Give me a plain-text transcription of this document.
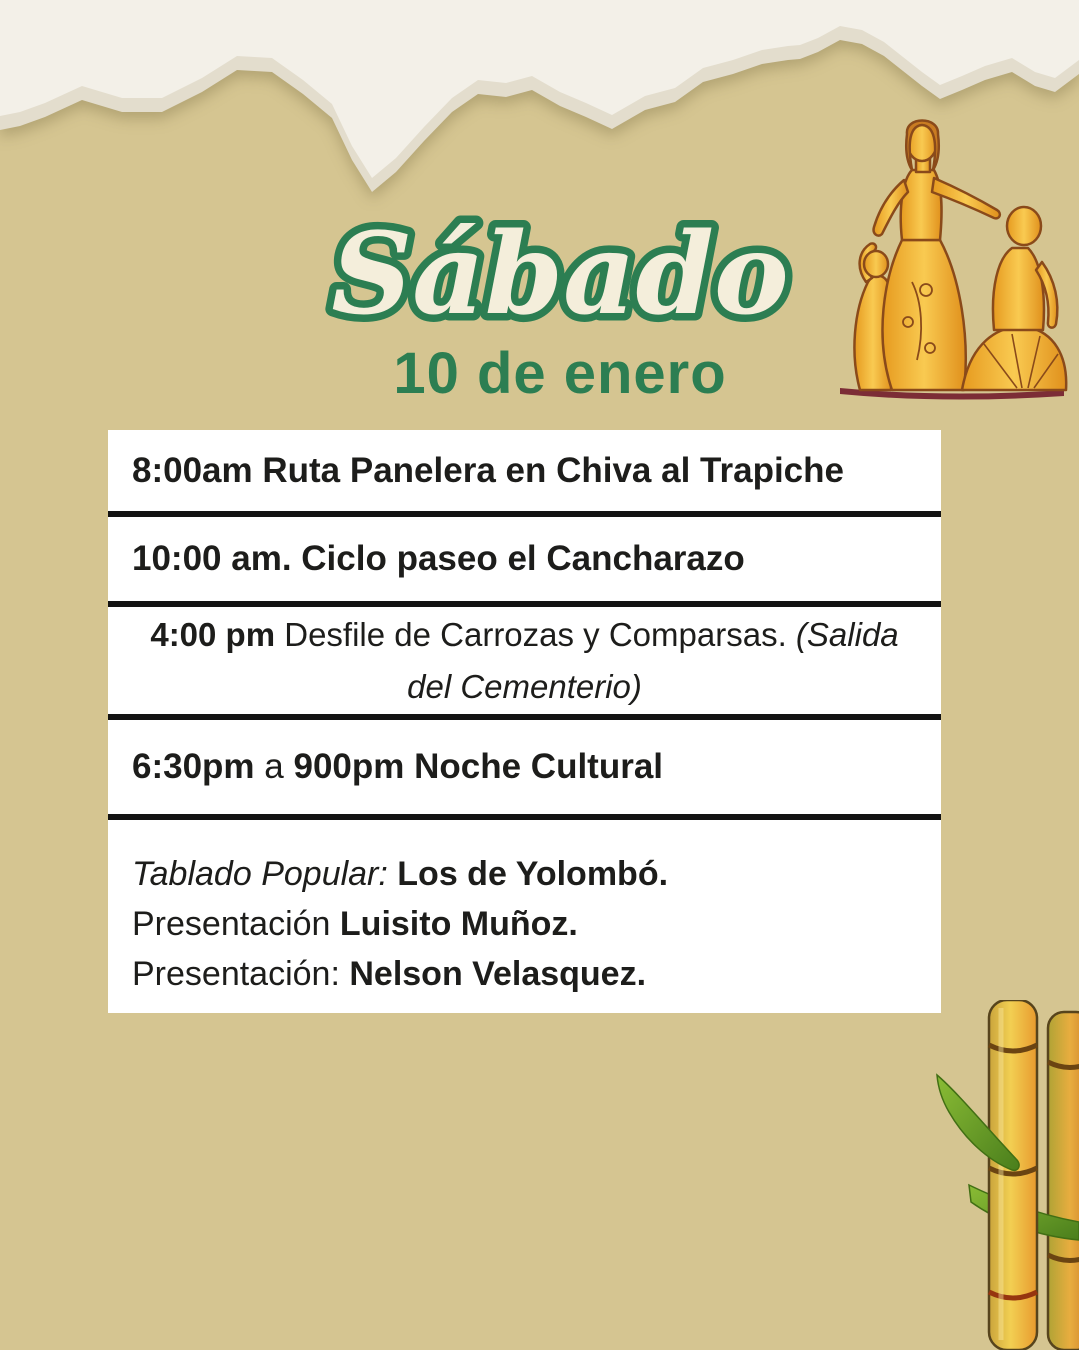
Sábado
10 de enero

8:00am Ruta Panelera en Chiva al Trapiche

10:00 am. Ciclo paseo el Cancharazo

4:00 pm Desfile de Carrozas y Comparsas. (Salida del Cementerio)

6:30pm a 900pm Noche Cultural

Tablado Popular: Los de Yolombó.

Presentación Luisito Muñoz.

Presentación: Nelson Velasquez.
